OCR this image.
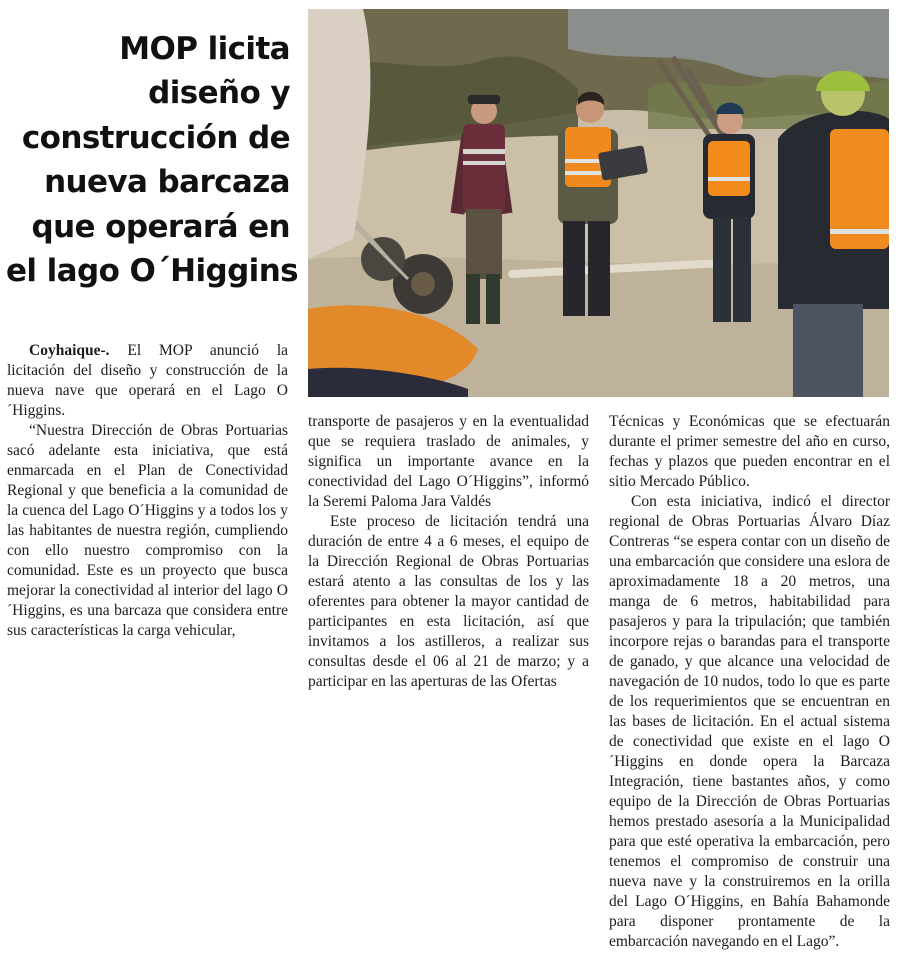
MOP licita
diseño y
construcción de
nueva barcaza
que operará en
el lago O´Higgins

Coyhaique-. El MOP anunció la licitación del diseño y construcción de la nueva nave que operará en el Lago O´Higgins.

“Nuestra Dirección de Obras Portuarias sacó adelante esta iniciativa, que está enmarcada en el Plan de Conectividad Regional y que beneficia a la comunidad de la cuenca del Lago O´Higgins y a todos los y las habitantes de nuestra región, cumpliendo con ello nuestro compromiso con la comunidad. Este es un proyecto que busca mejorar la conectividad al interior del lago O´Higgins, es una barcaza que considera entre sus características la carga vehicular,

transporte de pasajeros y en la eventualidad que se requiera traslado de animales, y significa un importante avance en la conectividad del Lago O´Higgins”, informó la Seremi Paloma Jara Valdés

Este proceso de licitación tendrá una duración de entre 4 a 6 meses, el equipo de la Dirección Regional de Obras Portuarias estará atento a las consultas de los y las oferentes para obtener la mayor cantidad de participantes en esta licitación, así que invitamos a los astilleros, a realizar sus consultas desde el 06 al 21 de marzo; y a participar en las aperturas de las Ofertas

Técnicas y Económicas que se efectuarán durante el primer semestre del año en curso, fechas y plazos que pueden encontrar en el sitio Mercado Público.

Con esta iniciativa, indicó el director regional de Obras Portuarias Álvaro Díaz Contreras “se espera contar con un diseño de una embarcación que considere una eslora de aproximadamente 18 a 20 metros, una manga de 6 metros, habitabilidad para pasajeros y para la tripulación; que también incorpore rejas o barandas para el transporte de ganado, y que alcance una velocidad de navegación de 10 nudos, todo lo que es parte de los requerimientos que se encuentran en las bases de licitación. En el actual sistema de conectividad que existe en el lago O´Higgins en donde opera la Barcaza Integración, tiene bastantes años, y como equipo de la Dirección de Obras Portuarias hemos prestado asesoría a la Municipalidad para que esté operativa la embarcación, pero tenemos el compromiso de construir una nueva nave y la construiremos en la orilla del Lago O´Higgins, en Bahía Bahamonde para disponer prontamente de la embarcación navegando en el Lago”.
